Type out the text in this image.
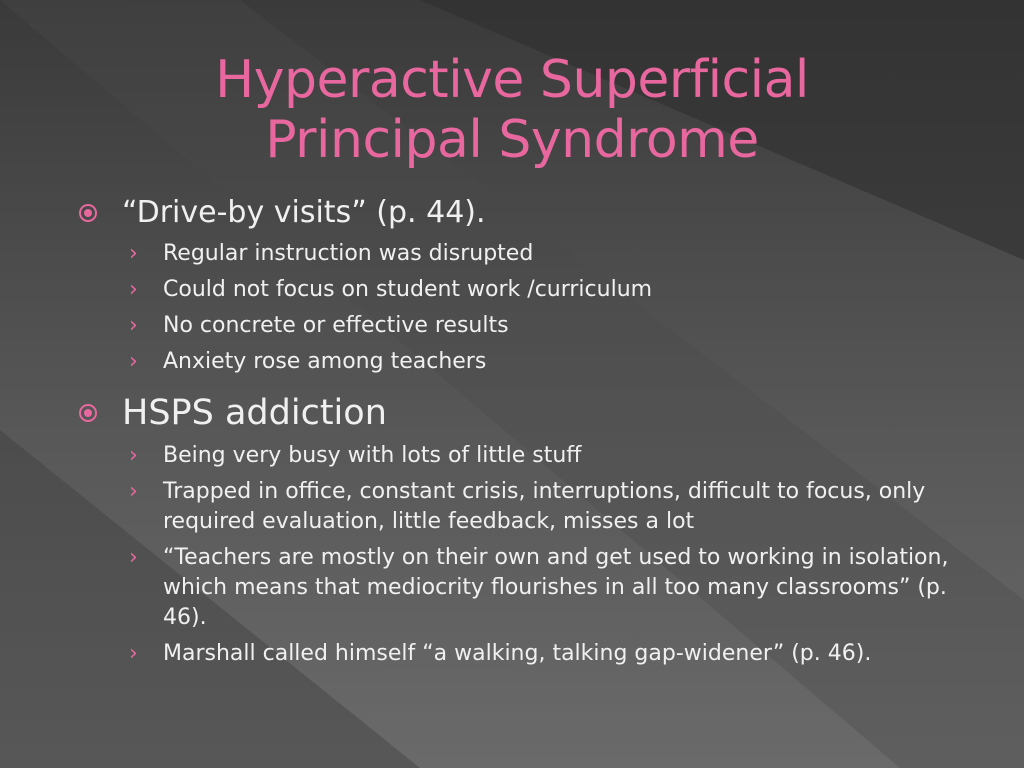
Hyperactive Superficial
Principal Syndrome
“Drive-by visits” (p. 44).
› Regular instruction was disrupted
› Could not focus on student work /curriculum
› No concrete or effective results
› Anxiety rose among teachers
HSPS addiction
› Being very busy with lots of little stuff
› Trapped in office, constant crisis, interruptions, difficult to focus, only required evaluation, little feedback, misses a lot
› “Teachers are mostly on their own and get used to working in isolation, which means that mediocrity flourishes in all too many classrooms” (p. 46).
› Marshall called himself “a walking, talking gap-widener” (p. 46).
